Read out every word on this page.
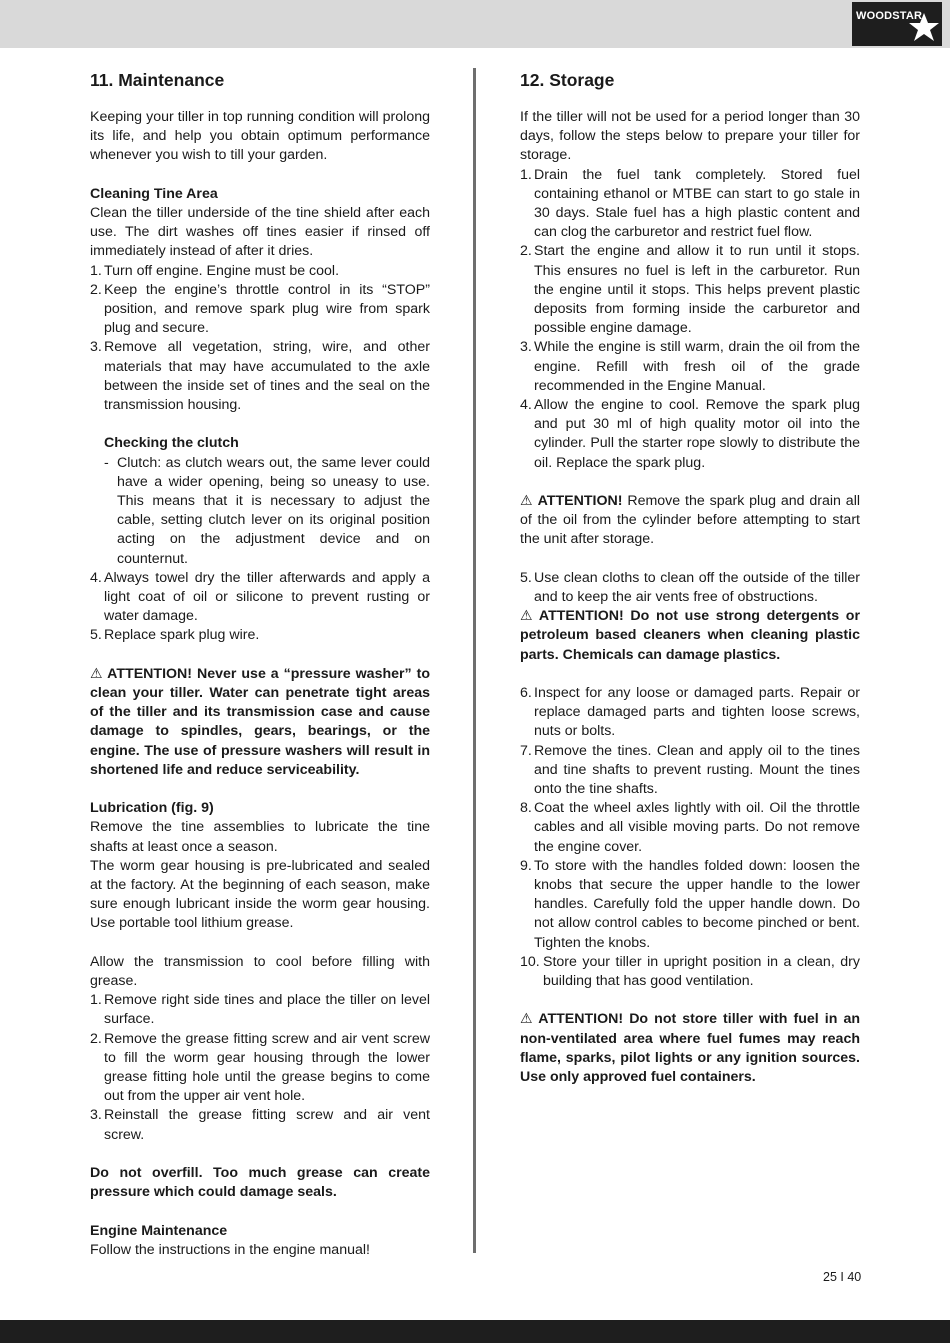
WOODSTAR
11. Maintenance
Keeping your tiller in top running condition will prolong its life, and help you obtain optimum performance whenever you wish to till your garden.
Cleaning Tine Area
Clean the tiller underside of the tine shield after each use. The dirt washes off tines easier if rinsed off immediately instead of after it dries.
1. Turn off engine. Engine must be cool.
2. Keep the engine’s throttle control in its “STOP” position, and remove spark plug wire from spark plug and secure.
3. Remove all vegetation, string, wire, and other materials that may have accumulated to the axle between the inside set of tines and the seal on the transmission housing.
Checking the clutch
- Clutch: as clutch wears out, the same lever could have a wider opening, being so uneasy to use. This means that it is necessary to adjust the cable, setting clutch lever on its original position acting on the adjustment device and on counternut.
4. Always towel dry the tiller afterwards and apply a light coat of oil or silicone to prevent rusting or water damage.
5. Replace spark plug wire.
⚠ ATTENTION! Never use a “pressure washer” to clean your tiller. Water can penetrate tight areas of the tiller and its transmission case and cause damage to spindles, gears, bearings, or the engine. The use of pressure washers will result in shortened life and reduce serviceability.
Lubrication (fig. 9)
Remove the tine assemblies to lubricate the tine shafts at least once a season.
The worm gear housing is pre-lubricated and sealed at the factory. At the beginning of each season, make sure enough lubricant inside the worm gear housing. Use portable tool lithium grease.
Allow the transmission to cool before filling with grease.
1. Remove right side tines and place the tiller on level surface.
2. Remove the grease fitting screw and air vent screw to fill the worm gear housing through the lower grease fitting hole until the grease begins to come out from the upper air vent hole.
3. Reinstall the grease fitting screw and air vent screw.
Do not overfill. Too much grease can create pressure which could damage seals.
Engine Maintenance
Follow the instructions in the engine manual!
12. Storage
If the tiller will not be used for a period longer than 30 days, follow the steps below to prepare your tiller for storage.
1. Drain the fuel tank completely. Stored fuel containing ethanol or MTBE can start to go stale in 30 days. Stale fuel has a high plastic content and can clog the carburetor and restrict fuel flow.
2. Start the engine and allow it to run until it stops. This ensures no fuel is left in the carburetor. Run the engine until it stops. This helps prevent plastic deposits from forming inside the carburetor and possible engine damage.
3. While the engine is still warm, drain the oil from the engine. Refill with fresh oil of the grade recommended in the Engine Manual.
4. Allow the engine to cool. Remove the spark plug and put 30 ml of high quality motor oil into the cylinder. Pull the starter rope slowly to distribute the oil. Replace the spark plug.
⚠ ATTENTION! Remove the spark plug and drain all of the oil from the cylinder before attempting to start the unit after storage.
5. Use clean cloths to clean off the outside of the tiller and to keep the air vents free of obstructions.
⚠ ATTENTION! Do not use strong detergents or petroleum based cleaners when cleaning plastic parts. Chemicals can damage plastics.
6. Inspect for any loose or damaged parts. Repair or replace damaged parts and tighten loose screws, nuts or bolts.
7. Remove the tines. Clean and apply oil to the tines and tine shafts to prevent rusting. Mount the tines onto the tine shafts.
8. Coat the wheel axles lightly with oil. Oil the throttle cables and all visible moving parts. Do not remove the engine cover.
9. To store with the handles folded down: loosen the knobs that secure the upper handle to the lower handles. Carefully fold the upper handle down. Do not allow control cables to become pinched or bent. Tighten the knobs.
10. Store your tiller in upright position in a clean, dry building that has good ventilation.
⚠ ATTENTION! Do not store tiller with fuel in an non-ventilated area where fuel fumes may reach flame, sparks, pilot lights or any ignition sources. Use only approved fuel containers.
25 I 40
